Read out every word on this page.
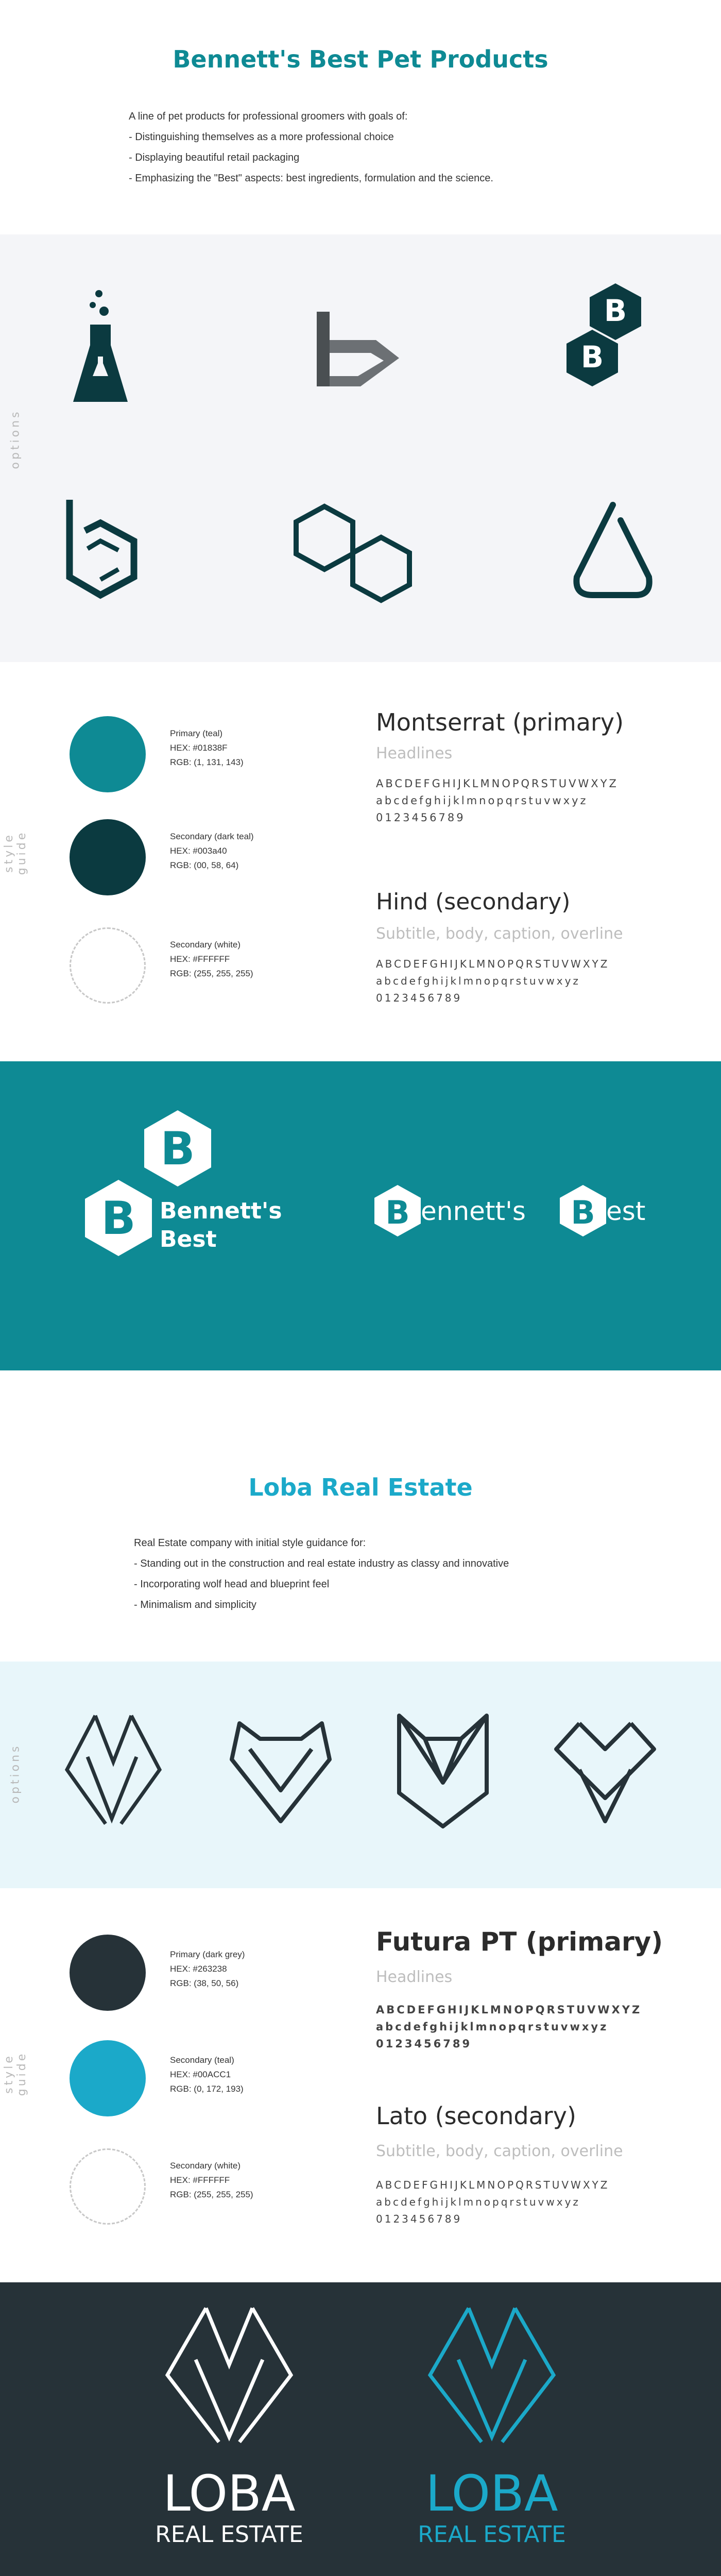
Bennett's Best Pet Products

A line of pet products for professional groomers with goals of:

- Distinguishing themselves as a more professional choice

- Displaying beautiful retail packaging

- Emphasizing the "Best" aspects: best ingredients, formulation and the science.

options
B
B
style guide
Primary (teal)
HEX: #01838F
RGB: (1, 131, 143)
Secondary (dark teal)
HEX: #003a40
RGB: (00, 58, 64)
Secondary (white)
HEX: #FFFFFF
RGB: (255, 255, 255)
Montserrat (primary)
Headlines
ABCDEFGHIJKLMNOPQRSTUVWXYZ
abcdefghijklmnopqrstuvwxyz
0123456789
Hind (secondary)
Subtitle, body, caption, overline
ABCDEFGHIJKLMNOPQRSTUVWXYZ
abcdefghijklmnopqrstuvwxyz
0123456789
B
B Bennett's
Best
B ennett's B est
Loba Real Estate

Real Estate company with initial style guidance for:

- Standing out in the construction and real estate industry as classy and innovative

- Incorporating wolf head and blueprint feel

- Minimalism and simplicity

options
style guide
Primary (dark grey)
HEX: #263238
RGB: (38, 50, 56)
Secondary (teal)
HEX: #00ACC1
RGB: (0, 172, 193)
Secondary (white)
HEX: #FFFFFF
RGB: (255, 255, 255)
Futura PT (primary)
Headlines
ABCDEFGHIJKLMNOPQRSTUVWXYZ
abcdefghijklmnopqrstuvwxyz
0123456789
Lato (secondary)
Subtitle, body, caption, overline
ABCDEFGHIJKLMNOPQRSTUVWXYZ
abcdefghijklmnopqrstuvwxyz
0123456789
LOBA
REAL ESTATE
LOBA
REAL ESTATE
